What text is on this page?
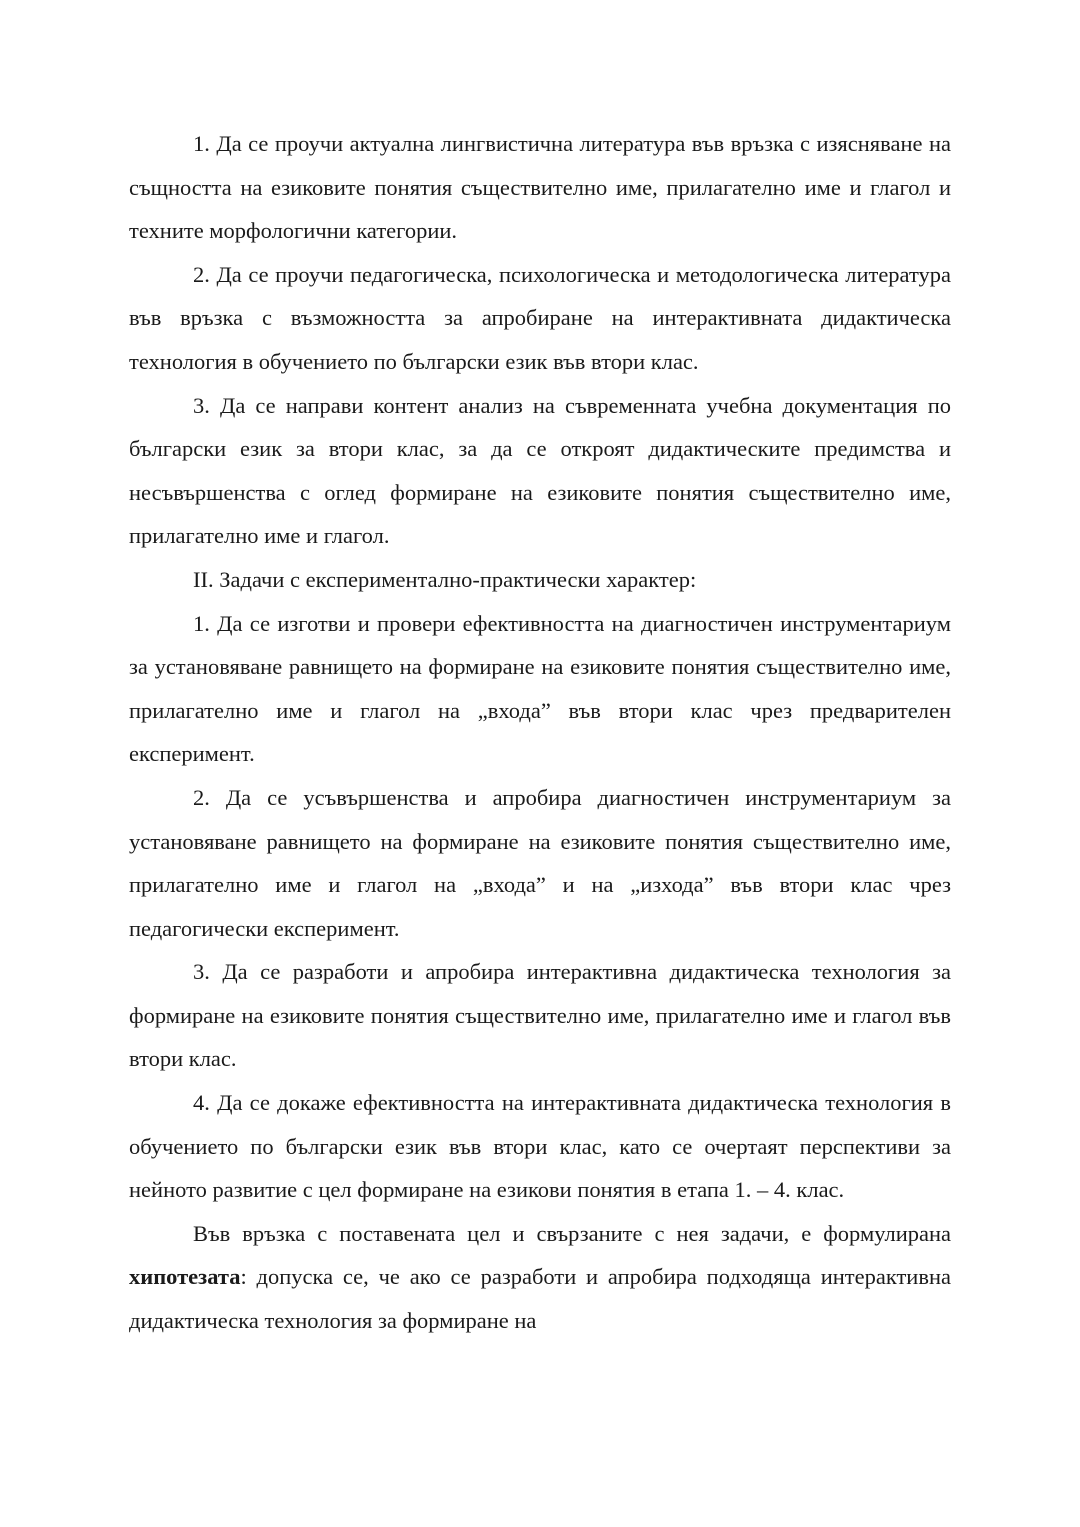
1. Да се проучи актуална лингвистична литература във връзка с изясняване на същността на езиковите понятия съществително име, прилагателно име и глагол и техните морфологични категории.

2. Да се проучи педагогическа, психологическа и методологическа литература във връзка с възможността за апробиране на интерактивната дидактическа технология в обучението по български език във втори клас.

3. Да се направи контент анализ на съвременната учебна документация по български език за втори клас, за да се откроят дидактическите предимства и несъвършенства с оглед формиране на езиковите понятия съществително име, прилагателно име и глагол.

II. Задачи с експериментално-практически характер:

1. Да се изготви и провери ефективността на диагностичен инструментариум за установяване равнището на формиране на езиковите понятия съществително име, прилагателно име и глагол на „входа” във втори клас чрез предварителен експеримент.

2. Да се усъвършенства и апробира диагностичен инструментариум за установяване равнището на формиране на езиковите понятия съществително име, прилагателно име и глагол на „входа” и на „изхода” във втори клас чрез педагогически експеримент.

3. Да се разработи и апробира интерактивна дидактическа технология за формиране на езиковите понятия съществително име, прилагателно име и глагол във втори клас.

4. Да се докаже ефективността на интерактивната дидактическа технология в обучението по български език във втори клас, като се очертаят перспективи за нейното развитие с цел формиране на езикови понятия в етапа 1. – 4. клас.

Във връзка с поставената цел и свързаните с нея задачи, е формулирана хипотезата: допуска се, че ако се разработи и апробира подходяща интерактивна дидактическа технология за формиране на
